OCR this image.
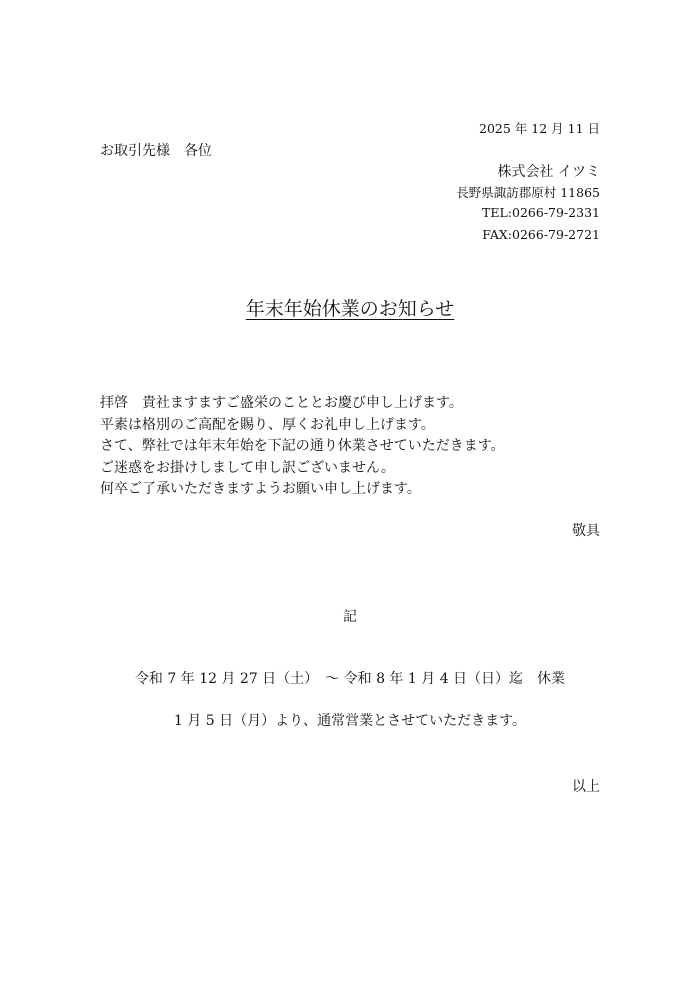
2025 年 12 月 11 日
お取引先様　各位
株式会社 イツミ
長野県諏訪郡原村 11865
TEL:0266-79-2331
FAX:0266-79-2721
年末年始休業のお知らせ
拝啓　貴社ますますご盛栄のこととお慶び申し上げます。
平素は格別のご高配を賜り、厚くお礼申し上げます。
さて、弊社では年末年始を下記の通り休業させていただきます。
ご迷惑をお掛けしまして申し訳ございません。
何卒ご了承いただきますようお願い申し上げます。
敬具
記
令和 7 年 12 月 27 日（土）　～ 令和 8 年 1 月 4 日（日）迄　休業
1 月 5 日（月）より、通常営業とさせていただきます。
以上
